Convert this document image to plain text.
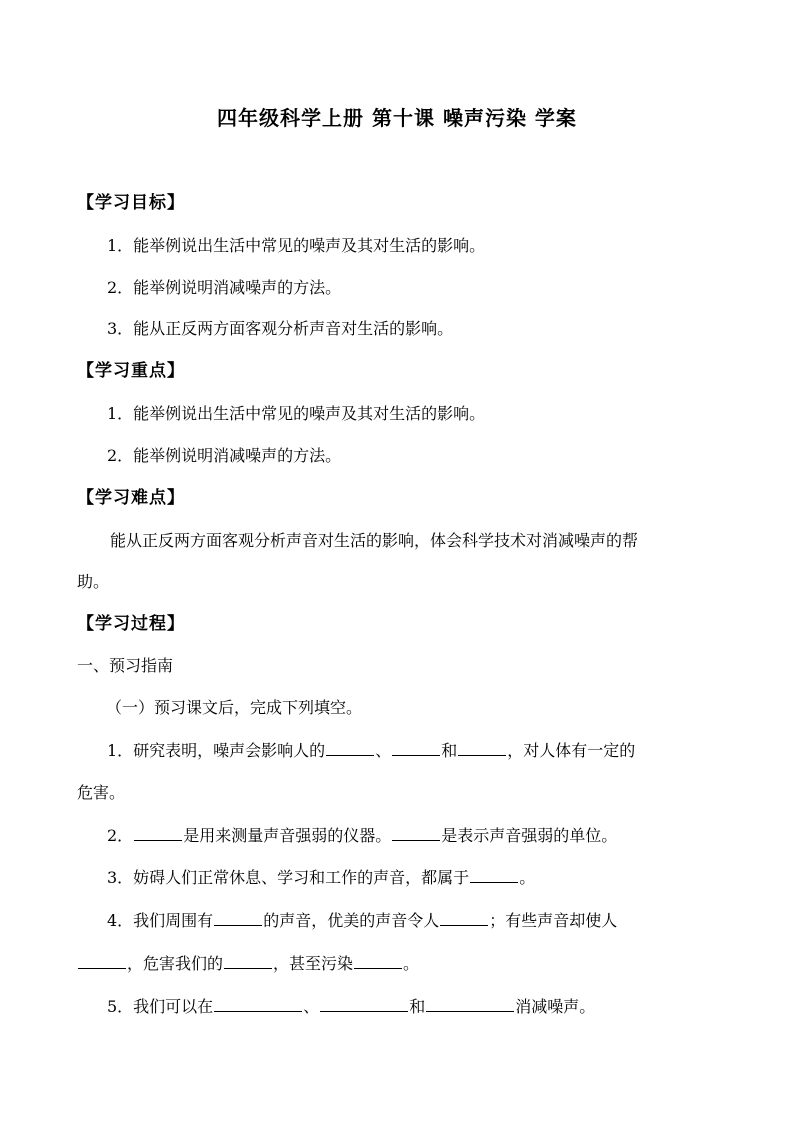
四年级科学上册 第十课 噪声污染 学案

【学习目标】

1．能举例说出生活中常见的噪声及其对生活的影响。

2．能举例说明消减噪声的方法。

3．能从正反两方面客观分析声音对生活的影响。

【学习重点】

1．能举例说出生活中常见的噪声及其对生活的影响。

2．能举例说明消减噪声的方法。

【学习难点】

能从正反两方面客观分析声音对生活的影响，体会科学技术对消减噪声的帮

助。

【学习过程】

一、预习指南

（一）预习课文后，完成下列填空。

1．研究表明，噪声会影响人的	、	和	，对人体有一定的

危害。

2．	是用来测量声音强弱的仪器。	是表示声音强弱的单位。

3．妨碍人们正常休息、学习和工作的声音，都属于	。

4．我们周围有	的声音，优美的声音令人	；有些声音却使人

，危害我们的	，甚至污染	。

5．我们可以在	、	和	消减噪声。
